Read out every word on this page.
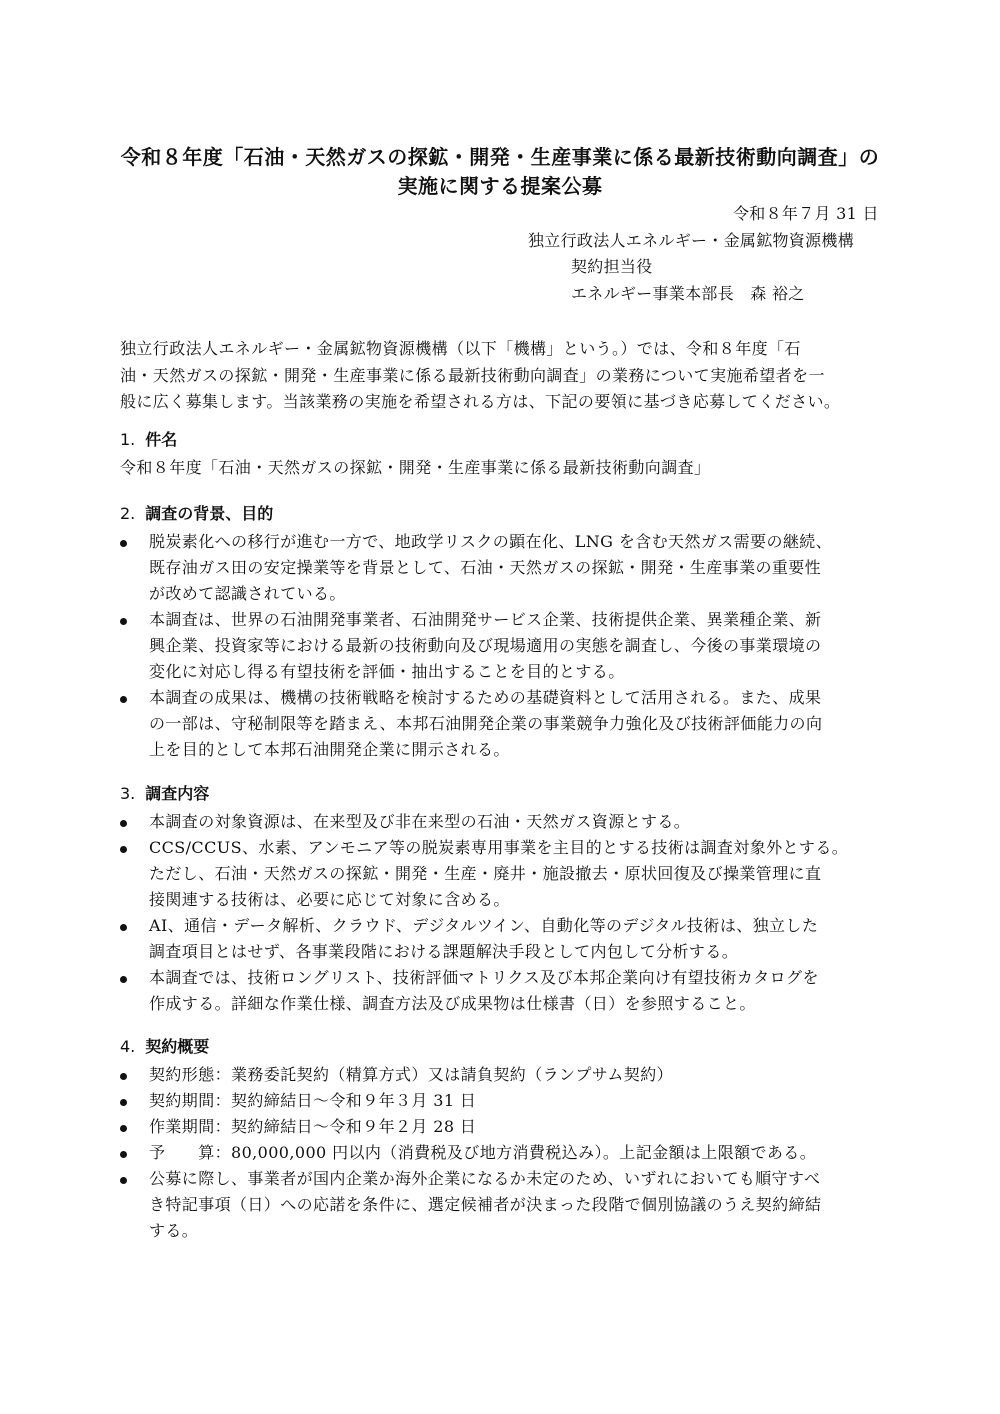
令和８年度「石油・天然ガスの探鉱・開発・生産事業に係る最新技術動向調査」の
実施に関する提案公募
令和８年７月 31 日
独立行政法人エネルギー・金属鉱物資源機構
契約担当役
エネルギー事業本部長　森 裕之
独立行政法人エネルギー・金属鉱物資源機構（以下「機構」という。）では、令和８年度「石
油・天然ガスの探鉱・開発・生産事業に係る最新技術動向調査」の業務について実施希望者を一
般に広く募集します。当該業務の実施を希望される方は、下記の要領に基づき応募してください。
1. 件名
令和８年度「石油・天然ガスの探鉱・開発・生産事業に係る最新技術動向調査」
2. 調査の背景、目的
脱炭素化への移行が進む一方で、地政学リスクの顕在化、LNG を含む天然ガス需要の継続、
既存油ガス田の安定操業等を背景として、石油・天然ガスの探鉱・開発・生産事業の重要性
が改めて認識されている。
本調査は、世界の石油開発事業者、石油開発サービス企業、技術提供企業、異業種企業、新
興企業、投資家等における最新の技術動向及び現場適用の実態を調査し、今後の事業環境の
変化に対応し得る有望技術を評価・抽出することを目的とする。
本調査の成果は、機構の技術戦略を検討するための基礎資料として活用される。また、成果
の一部は、守秘制限等を踏まえ、本邦石油開発企業の事業競争力強化及び技術評価能力の向
上を目的として本邦石油開発企業に開示される。
3. 調査内容
本調査の対象資源は、在来型及び非在来型の石油・天然ガス資源とする。
CCS/CCUS、水素、アンモニア等の脱炭素専用事業を主目的とする技術は調査対象外とする。
ただし、石油・天然ガスの探鉱・開発・生産・廃井・施設撤去・原状回復及び操業管理に直
接関連する技術は、必要に応じて対象に含める。
AI、通信・データ解析、クラウド、デジタルツイン、自動化等のデジタル技術は、独立した
調査項目とはせず、各事業段階における課題解決手段として内包して分析する。
本調査では、技術ロングリスト、技術評価マトリクス及び本邦企業向け有望技術カタログを
作成する。詳細な作業仕様、調査方法及び成果物は仕様書（日）を参照すること。
4. 契約概要
契約形態：業務委託契約（精算方式）又は請負契約（ランプサム契約）
契約期間：契約締結日～令和９年３月 31 日
作業期間：契約締結日～令和９年２月 28 日
予　　算：80,000,000 円以内（消費税及び地方消費税込み）。上記金額は上限額である。
公募に際し、事業者が国内企業か海外企業になるか未定のため、いずれにおいても順守すべ
き特記事項（日）への応諾を条件に、選定候補者が決まった段階で個別協議のうえ契約締結
する。
